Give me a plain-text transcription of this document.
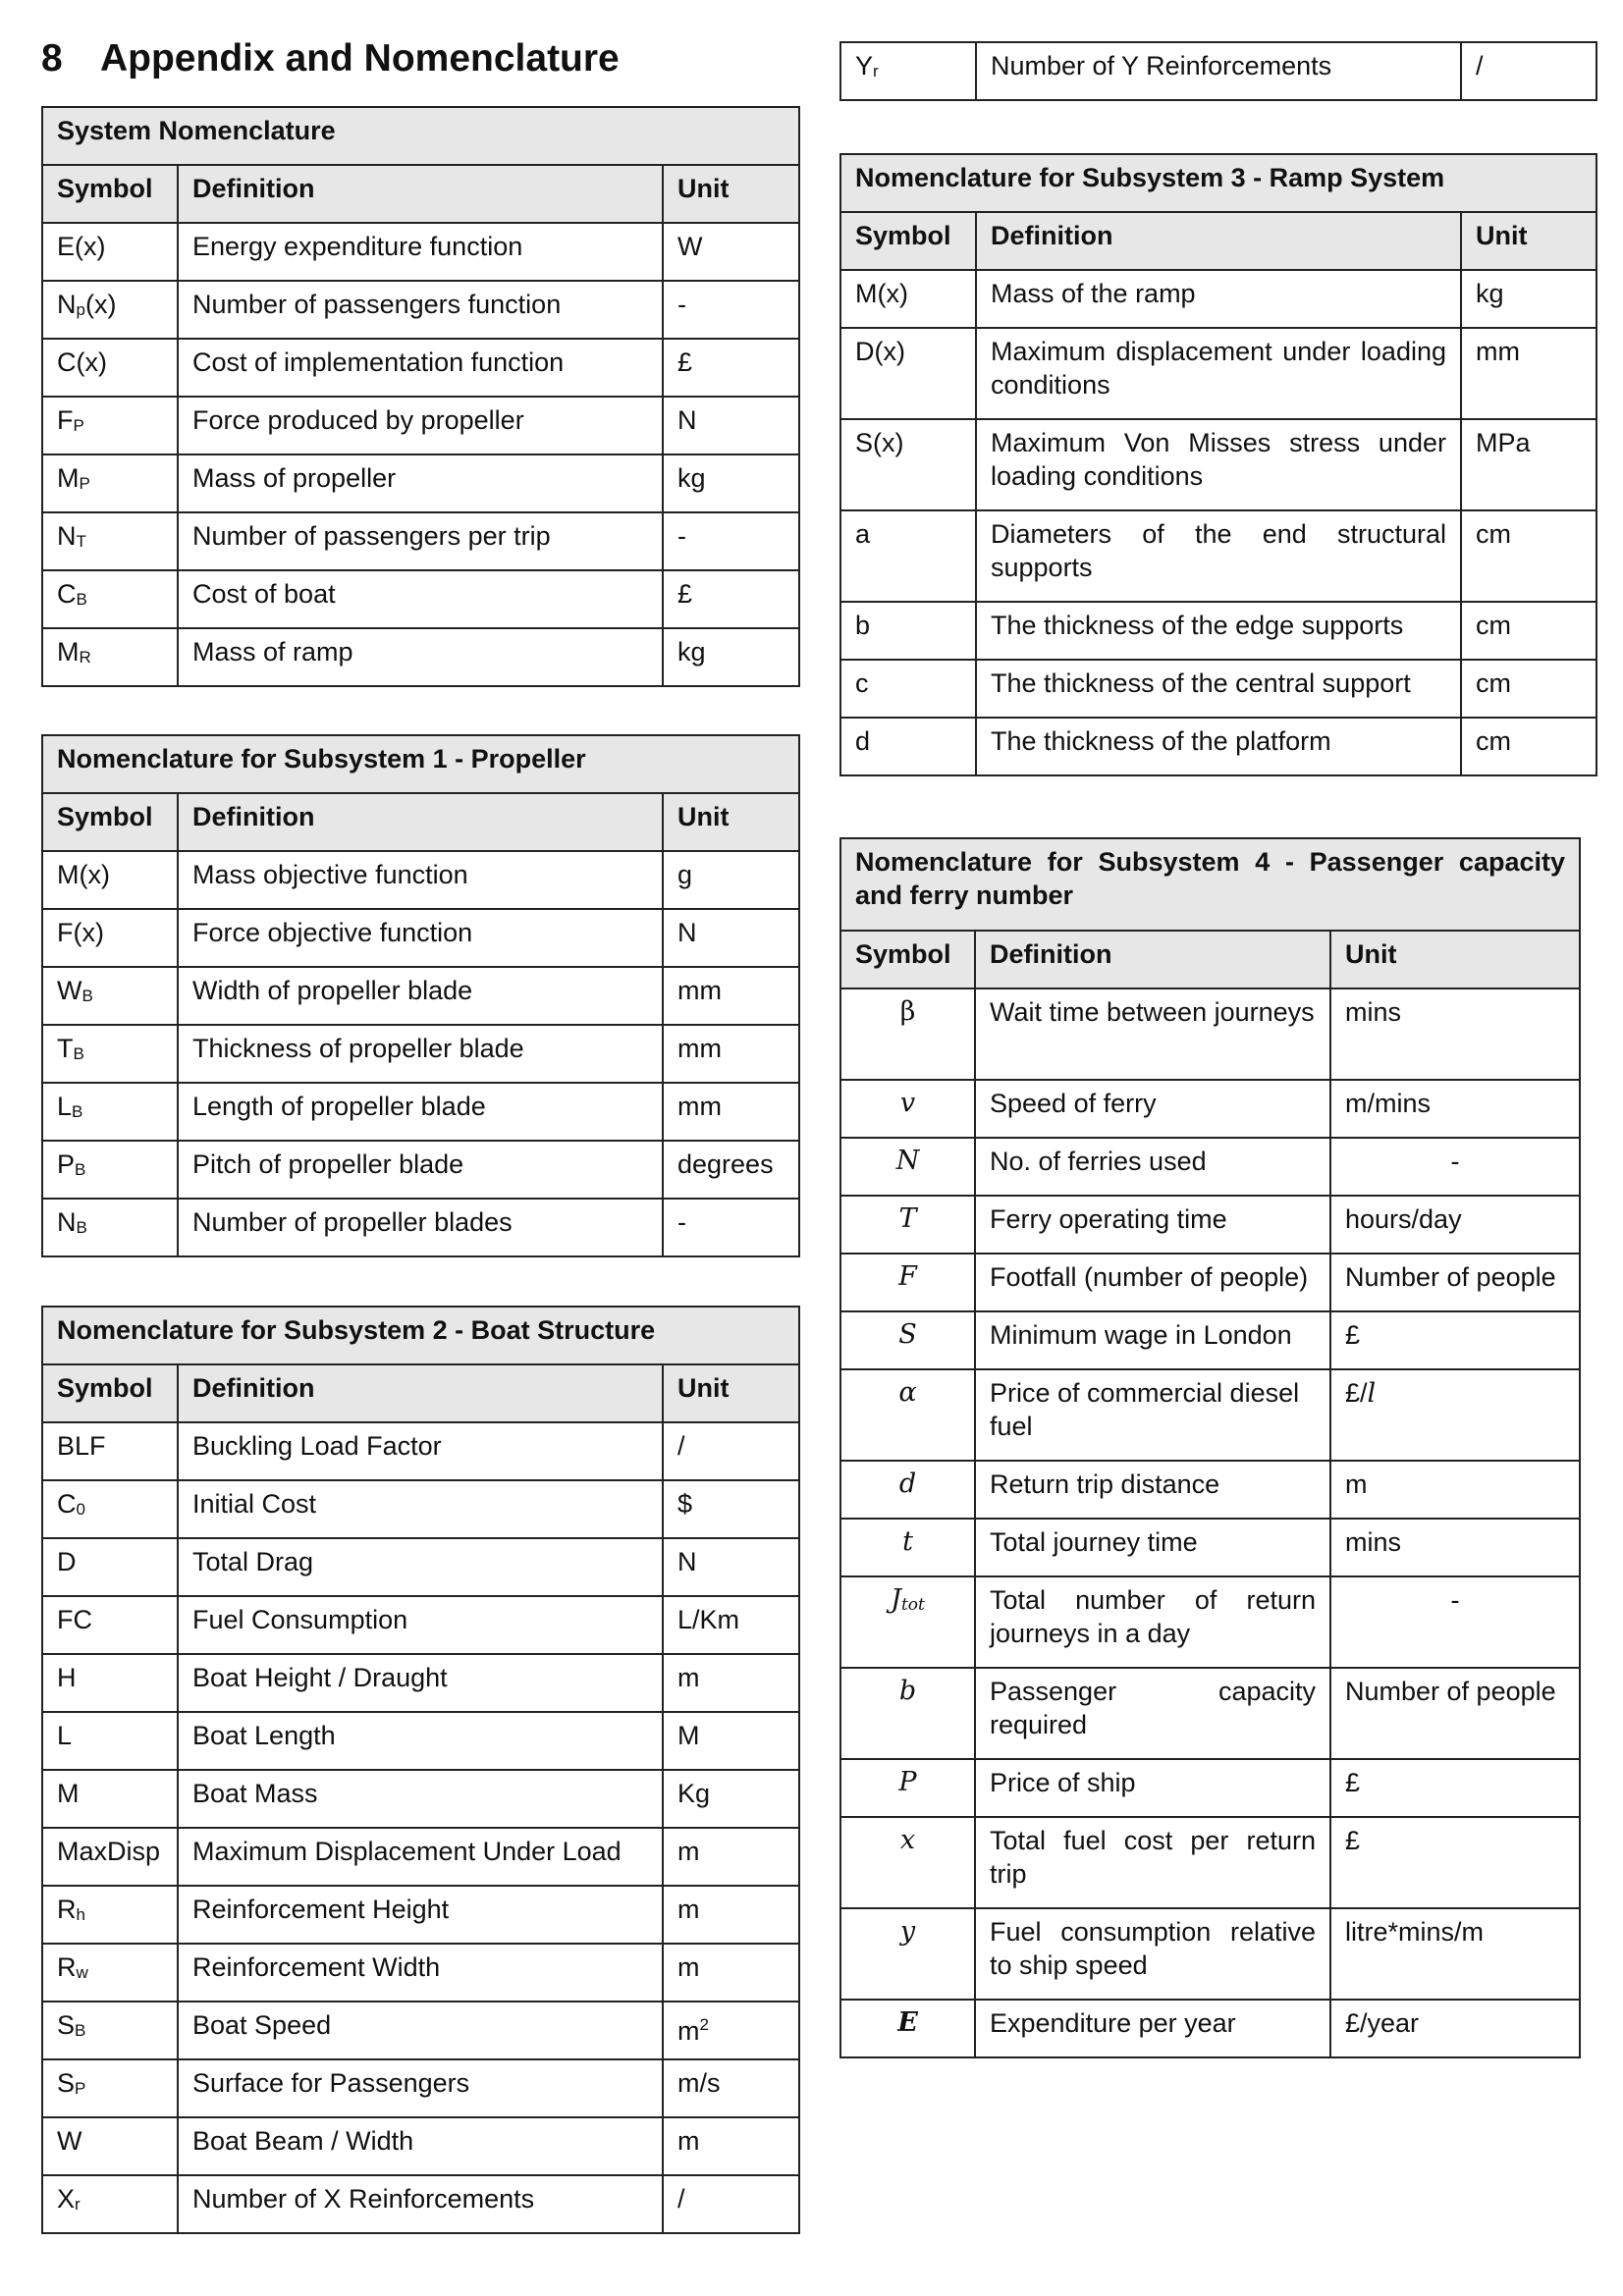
8 Appendix and Nomenclature
System Nomenclature		
Symbol	Definition	Unit
E(x)	Energy expenditure function	W
$N_p(x)$	Number of passengers function	-
C(x)	Cost of implementation function	£
$F_P$	Force produced by propeller	N
$M_P$	Mass of propeller	kg
$N_T$	Number of passengers per trip	-
$C_B$	Cost of boat	£
$M_R$	Mass of ramp	kg
Nomenclature for Subsystem 1 - Propeller		
Symbol	Definition	Unit
M(x)	Mass objective function	g
F(x)	Force objective function	N
$W_B$	Width of propeller blade	mm
$T_B$	Thickness of propeller blade	mm
$L_B$	Length of propeller blade	mm
$P_B$	Pitch of propeller blade	degrees
$N_B$	Number of propeller blades	-
Nomenclature for Subsystem 2 - Boat Structure		
Symbol	Definition	Unit
BLF	Buckling Load Factor	/
$C_0$	Initial Cost	$
D	Total Drag	N
FC	Fuel Consumption	L/Km
H	Boat Height / Draught	m
L	Boat Length	M
M	Boat Mass	Kg
MaxDisp	Maximum Displacement Under Load	m
$R_h$	Reinforcement Height	m
$R_w$	Reinforcement Width	m
$S_B$	Boat Speed	$m^2$
$S_P$	Surface for Passengers	m/s
W	Boat Beam / Width	m
$X_r$	Number of X Reinforcements	/
$Y_r$	Number of Y Reinforcements	/
Nomenclature for Subsystem 3 - Ramp System		
Symbol	Definition	Unit
M(x)	Mass of the ramp	kg
D(x)	Maximum displacement under loading conditions	mm
S(x)	Maximum Von Misses stress under loading conditions	MPa
a	Diameters of the end structural supports	cm
b	The thickness of the edge supports	cm
c	The thickness of the central support	cm
d	The thickness of the platform	cm
Nomenclature for Subsystem 4 - Passenger capacity and ferry number		
Symbol	Definition	Unit
β	Wait time between journeys	mins
v	Speed of ferry	m/mins
N	No. of ferries used	-
T	Ferry operating time	hours/day
F	Footfall (number of people)	Number of people
S	Minimum wage in London	£
α	Price of commercial diesel fuel	£/l
d	Return trip distance	m
t	Total journey time	mins
$J_{tot}$	Total number of return journeys in a day	-
b	Passenger capacity required	Number of people
P	Price of ship	£
x	Total fuel cost per return trip	£
y	Fuel consumption relative to ship speed	litre*mins/m
E	Expenditure per year	£/year
